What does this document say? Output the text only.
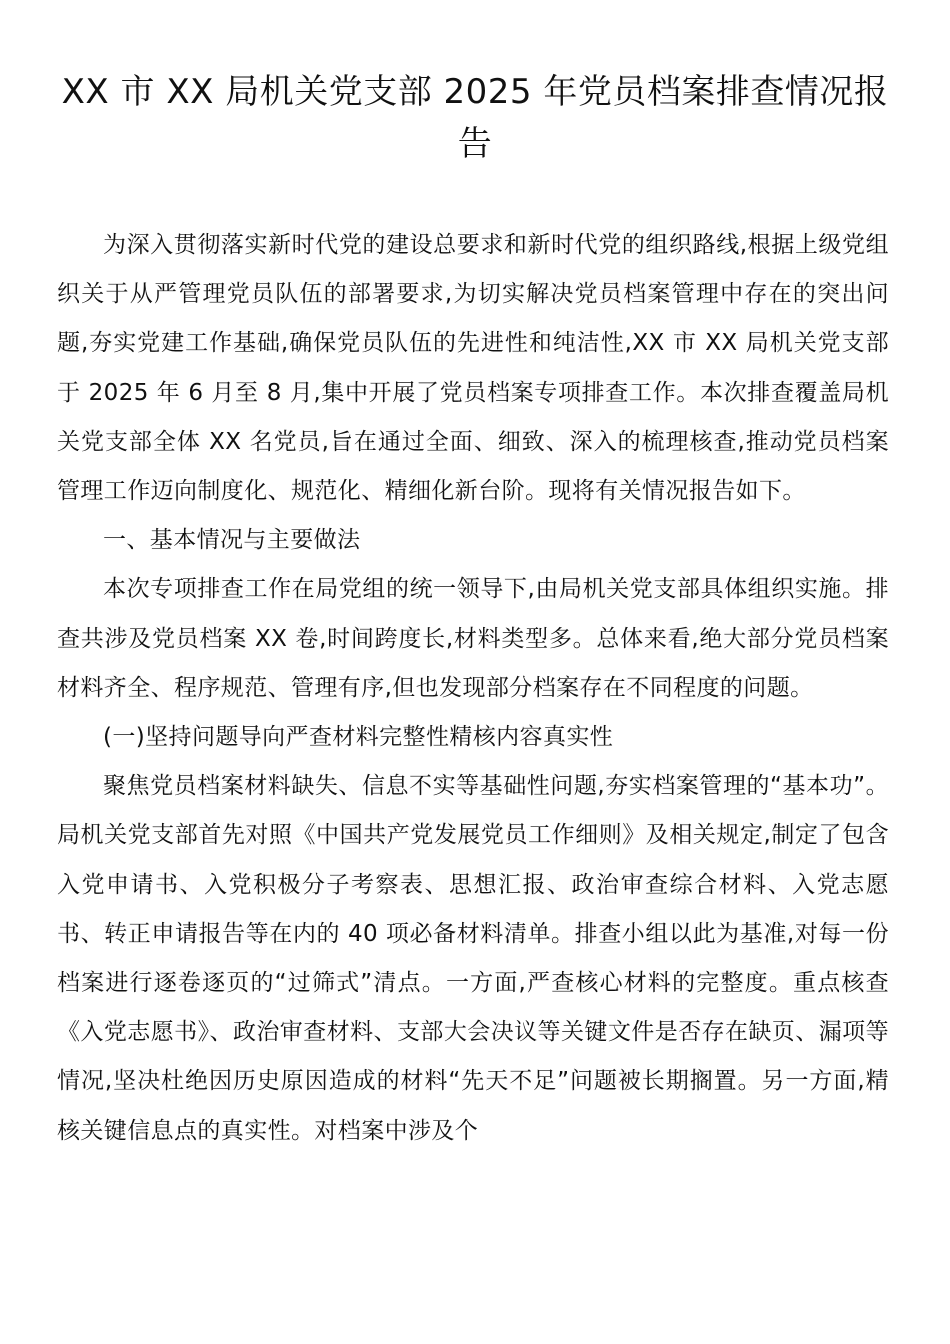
XX 市 XX 局机关党支部 2025 年党员档案排查情况报告

为深入贯彻落实新时代党的建设总要求和新时代党的组织路线,根据上级党组织关于从严管理党员队伍的部署要求,为切实解决党员档案管理中存在的突出问题,夯实党建工作基础,确保党员队伍的先进性和纯洁性,XX 市 XX 局机关党支部于 2025 年 6 月至 8 月,集中开展了党员档案专项排查工作。本次排查覆盖局机关党支部全体 XX 名党员,旨在通过全面、细致、深入的梳理核查,推动党员档案管理工作迈向制度化、规范化、精细化新台阶。现将有关情况报告如下。

一、基本情况与主要做法

本次专项排查工作在局党组的统一领导下,由局机关党支部具体组织实施。排查共涉及党员档案 XX 卷,时间跨度长,材料类型多。总体来看,绝大部分党员档案材料齐全、程序规范、管理有序,但也发现部分档案存在不同程度的问题。

(一)坚持问题导向严查材料完整性精核内容真实性

聚焦党员档案材料缺失、信息不实等基础性问题,夯实档案管理的“基本功”。局机关党支部首先对照《中国共产党发展党员工作细则》及相关规定,制定了包含入党申请书、入党积极分子考察表、思想汇报、政治审查综合材料、入党志愿书、转正申请报告等在内的 40 项必备材料清单。排查小组以此为基准,对每一份档案进行逐卷逐页的“过筛式”清点。一方面,严查核心材料的完整度。重点核查《入党志愿书》、政治审查材料、支部大会决议等关键文件是否存在缺页、漏项等情况,坚决杜绝因历史原因造成的材料“先天不足”问题被长期搁置。另一方面,精核关键信息点的真实性。对档案中涉及个
